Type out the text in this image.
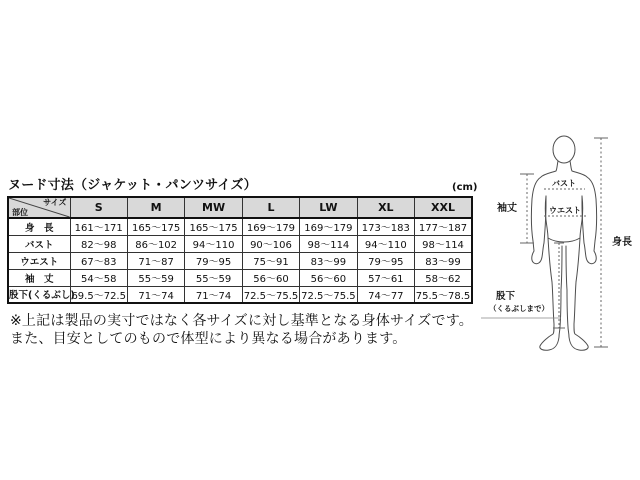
ヌード寸法（ジャケット・パンツサイズ）	(cm)
サイズ
部位	S	M	MW	L	LW	XL	XXL
身　長	161～171	165～175	165～175	169～179	169～179	173～183	177～187
バスト	82～98	86～102	94～110	90～106	98～114	94～110	98～114
ウエスト	67～83	71～87	79～95	75～91	83～99	79～95	83～99
袖　丈	54～58	55～59	55～59	56～60	56～60	57～61	58～62
股下(くるぶし)	69.5～72.5	71～74	71～74	72.5～75.5	72.5～75.5	74～77	75.5～78.5
※上記は製品の実寸ではなく各サイズに対し基準となる身体サイズです。
また、目安としてのもので体型により異なる場合があります。
バスト
ウエスト
袖丈
身長
股下
（くるぶしまで）
